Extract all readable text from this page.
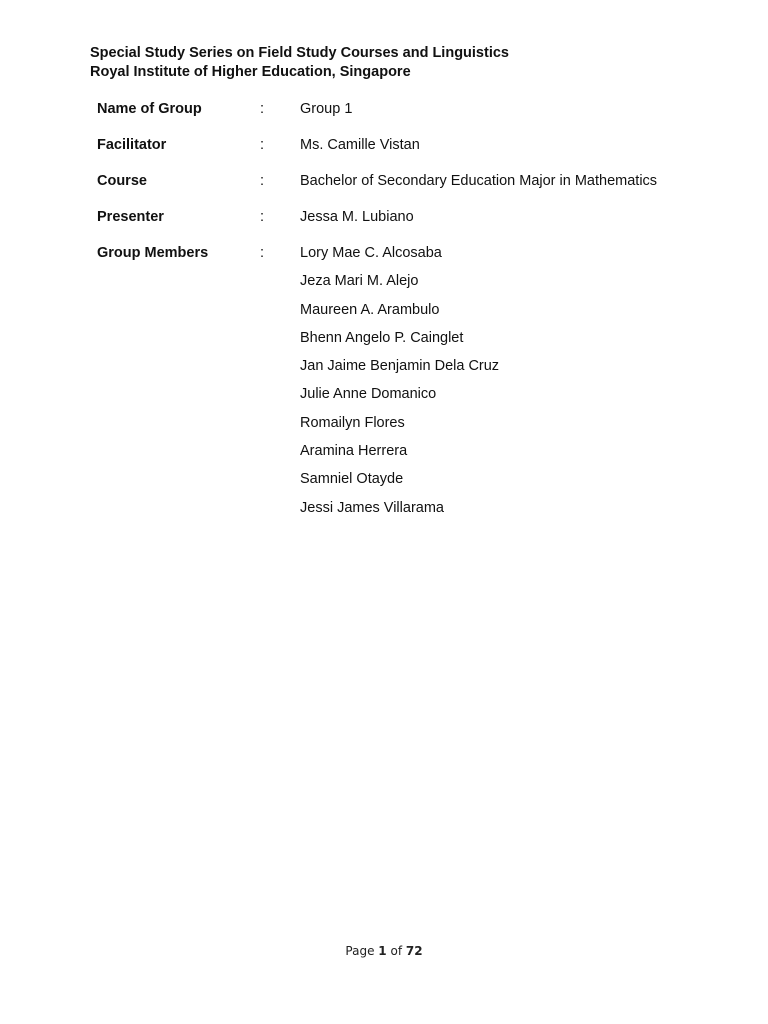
Special Study Series on Field Study Courses and Linguistics
Royal Institute of Higher Education, Singapore
Name of Group	: Group 1
Facilitator	: Ms. Camille Vistan
Course	: Bachelor of Secondary Education Major in Mathematics
Presenter	: Jessa M. Lubiano
Group Members	: Lory Mae C. Alcosaba
Jeza Mari M. Alejo
Maureen A. Arambulo
Bhenn Angelo P. Cainglet
Jan Jaime Benjamin Dela Cruz
Julie Anne Domanico
Romailyn Flores
Aramina Herrera
Samniel Otayde
Jessi James Villarama
Page 1 of 72
